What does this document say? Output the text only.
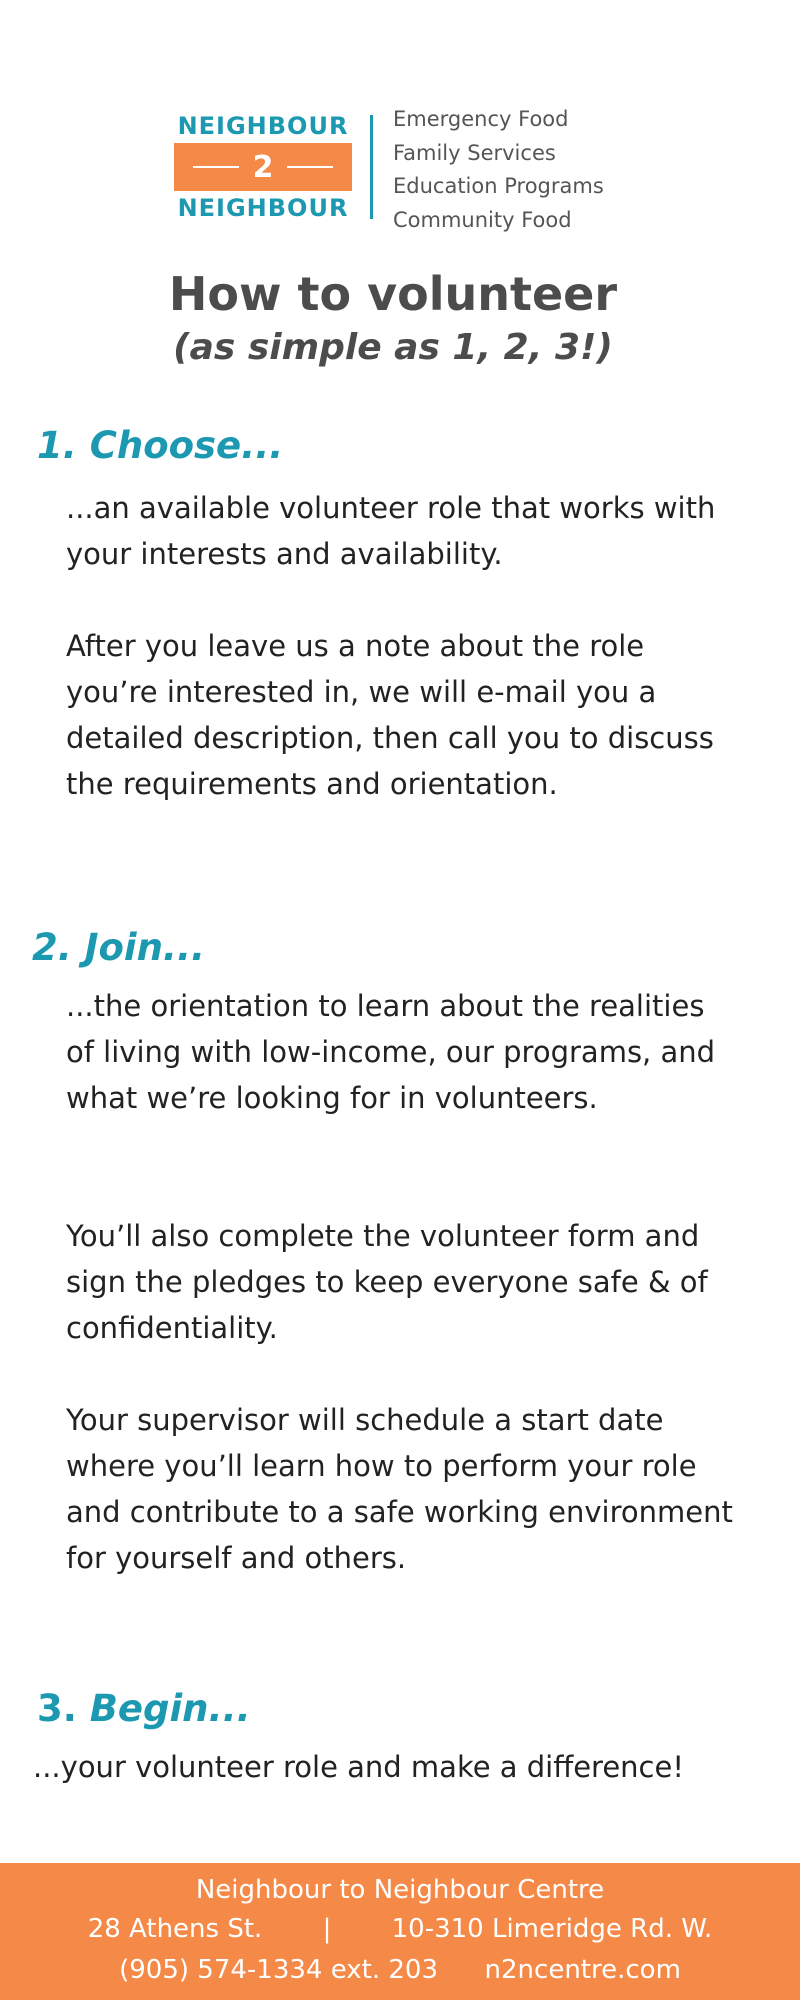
NEIGHBOUR
2
NEIGHBOUR
Emergency Food
Family Services
Education Programs
Community Food
How to volunteer
(as simple as 1, 2, 3!)
1. Choose...

...an available volunteer role that works with your interests and availability.

After you leave us a note about the role you’re interested in, we will e-mail you a detailed description, then call you to discuss the requirements and orientation.

2. Join...

...the orientation to learn about the realities of living with low-income, our programs, and what we’re looking for in volunteers.

You’ll also complete the volunteer form and sign the pledges to keep everyone safe & of confidentiality.

Your supervisor will schedule a start date where you’ll learn how to perform your role and contribute to a safe working environment for yourself and others.

3. Begin...

...your volunteer role and make a difference!

Neighbour to Neighbour Centre
28 Athens St. | 10-310 Limeridge Rd. W.
(905) 574-1334 ext. 203 n2ncentre.com
